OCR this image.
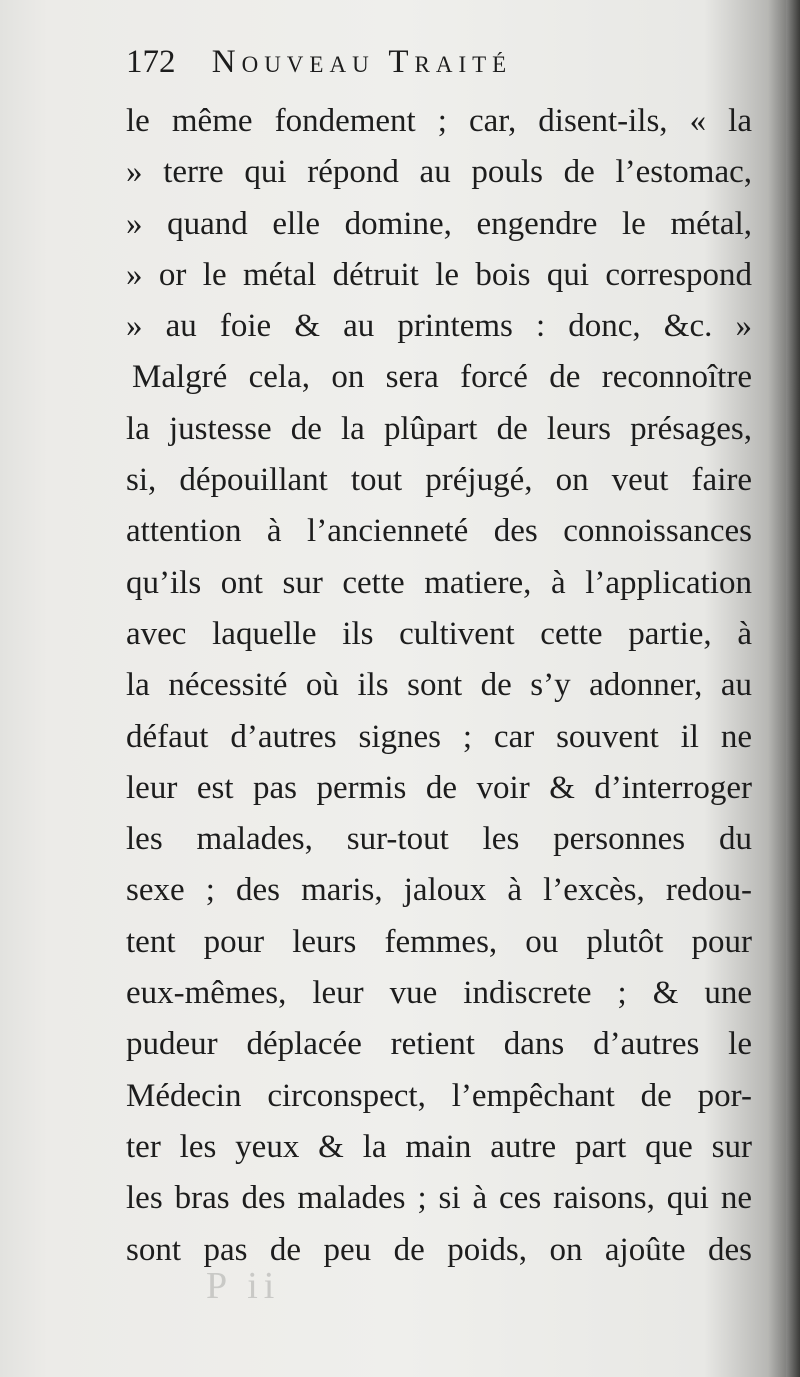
172 Nouveau Traité
le même fondement ; car, disent-ils, « la
» terre qui répond au pouls de l’estomac,
» quand elle domine, engendre le métal,
» or le métal détruit le bois qui correspond
» au foie & au printems : donc, &c. »
Malgré cela, on sera forcé de reconnoître
la justesse de la plûpart de leurs présages,
si, dépouillant tout préjugé, on veut faire
attention à l’ancienneté des connoissances
qu’ils ont sur cette matiere, à l’application
avec laquelle ils cultivent cette partie, à
la nécessité où ils sont de s’y adonner, au
défaut d’autres signes ; car souvent il ne
leur est pas permis de voir & d’interroger
les malades, sur-tout les personnes du
sexe ; des maris, jaloux à l’excès, redou-
tent pour leurs femmes, ou plutôt pour
eux-mêmes, leur vue indiscrete ; & une
pudeur déplacée retient dans d’autres le
Médecin circonspect, l’empêchant de por-
ter les yeux & la main autre part que sur
les bras des malades ; si à ces raisons, qui ne
sont pas de peu de poids, on ajoûte des
P ii
